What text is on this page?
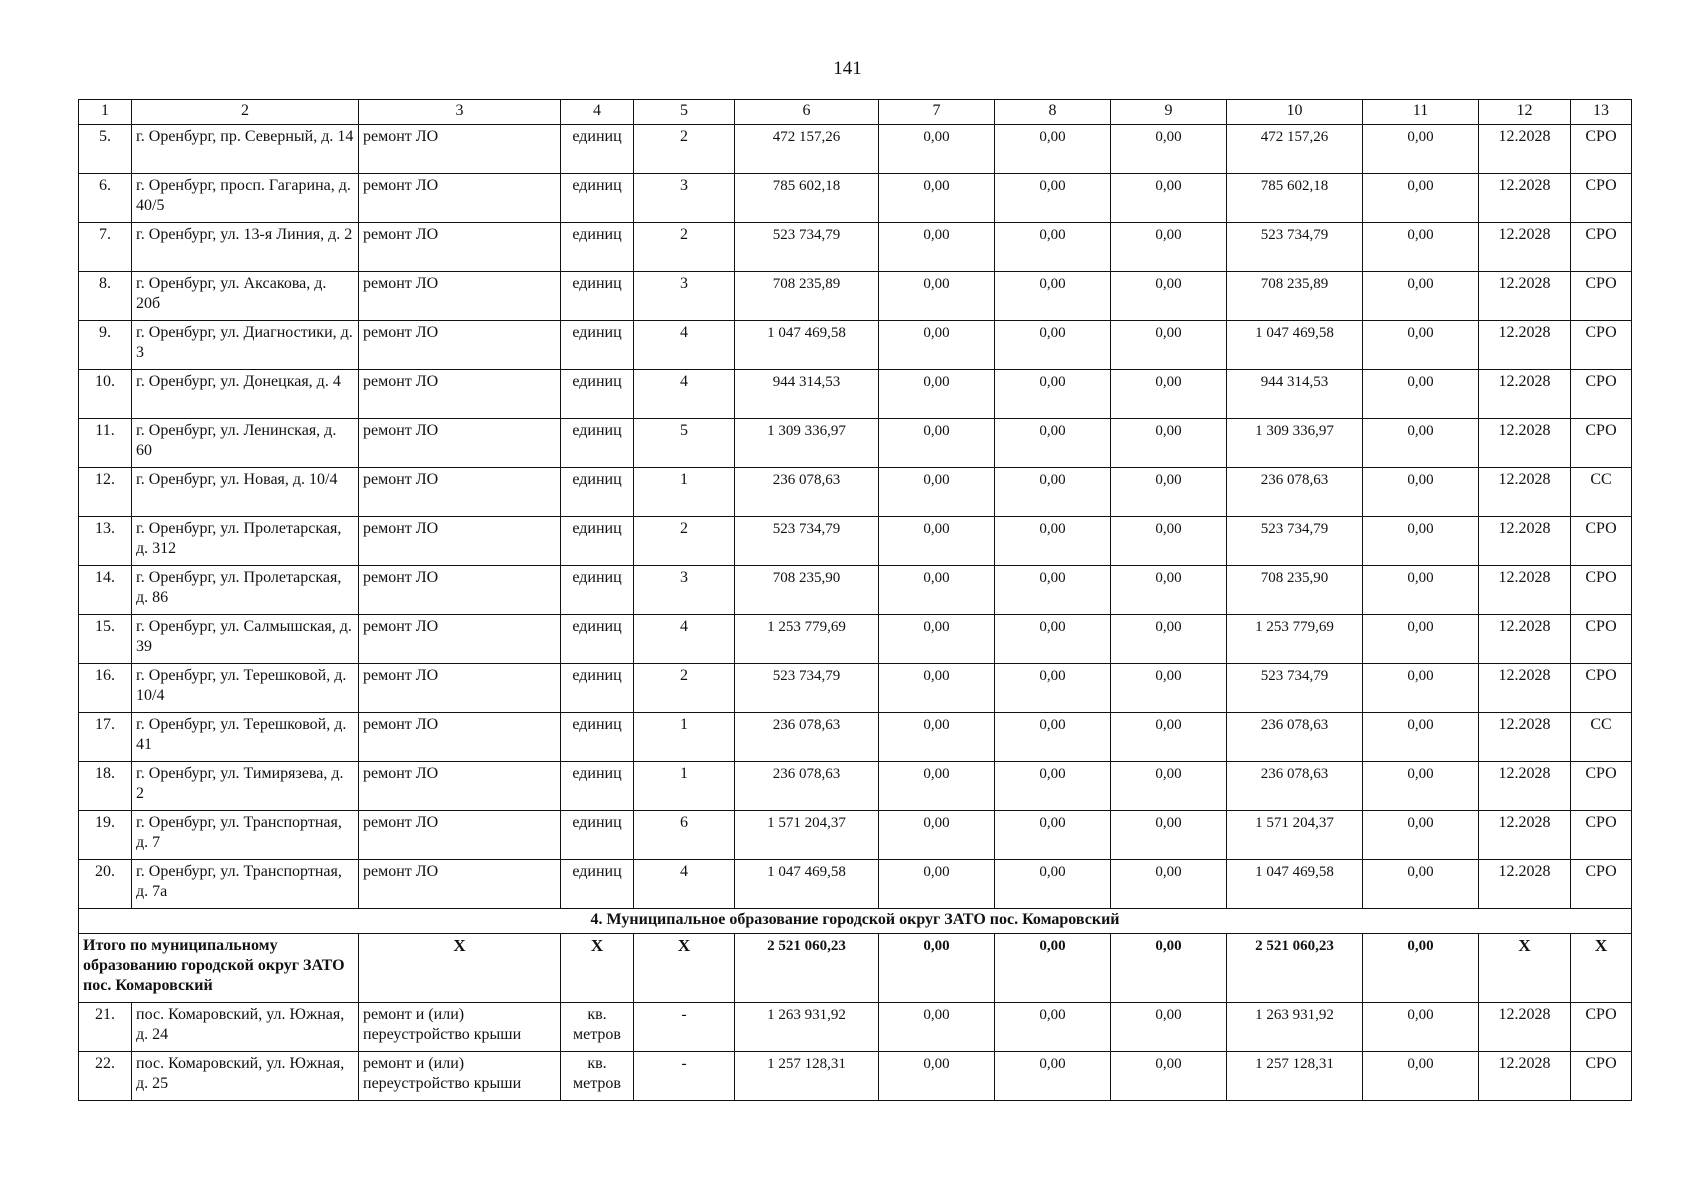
141
1	2	3	4	5	6	7	8	9	10	11	12	13
5.	г. Оренбург, пр. Северный, д. 14	ремонт ЛО	единиц	2	472 157,26	0,00	0,00	0,00	472 157,26	0,00	12.2028	СРО
6.	г. Оренбург, просп. Гагарина, д. 40/5	ремонт ЛО	единиц	3	785 602,18	0,00	0,00	0,00	785 602,18	0,00	12.2028	СРО
7.	г. Оренбург, ул. 13-я Линия, д. 2	ремонт ЛО	единиц	2	523 734,79	0,00	0,00	0,00	523 734,79	0,00	12.2028	СРО
8.	г. Оренбург, ул. Аксакова, д. 20б	ремонт ЛО	единиц	3	708 235,89	0,00	0,00	0,00	708 235,89	0,00	12.2028	СРО
9.	г. Оренбург, ул. Диагностики, д. 3	ремонт ЛО	единиц	4	1 047 469,58	0,00	0,00	0,00	1 047 469,58	0,00	12.2028	СРО
10.	г. Оренбург, ул. Донецкая, д. 4	ремонт ЛО	единиц	4	944 314,53	0,00	0,00	0,00	944 314,53	0,00	12.2028	СРО
11.	г. Оренбург, ул. Ленинская, д. 60	ремонт ЛО	единиц	5	1 309 336,97	0,00	0,00	0,00	1 309 336,97	0,00	12.2028	СРО
12.	г. Оренбург, ул. Новая, д. 10/4	ремонт ЛО	единиц	1	236 078,63	0,00	0,00	0,00	236 078,63	0,00	12.2028	СС
13.	г. Оренбург, ул. Пролетарская, д. 312	ремонт ЛО	единиц	2	523 734,79	0,00	0,00	0,00	523 734,79	0,00	12.2028	СРО
14.	г. Оренбург, ул. Пролетарская, д. 86	ремонт ЛО	единиц	3	708 235,90	0,00	0,00	0,00	708 235,90	0,00	12.2028	СРО
15.	г. Оренбург, ул. Салмышская, д. 39	ремонт ЛО	единиц	4	1 253 779,69	0,00	0,00	0,00	1 253 779,69	0,00	12.2028	СРО
16.	г. Оренбург, ул. Терешковой, д. 10/4	ремонт ЛО	единиц	2	523 734,79	0,00	0,00	0,00	523 734,79	0,00	12.2028	СРО
17.	г. Оренбург, ул. Терешковой, д. 41	ремонт ЛО	единиц	1	236 078,63	0,00	0,00	0,00	236 078,63	0,00	12.2028	СС
18.	г. Оренбург, ул. Тимирязева, д. 2	ремонт ЛО	единиц	1	236 078,63	0,00	0,00	0,00	236 078,63	0,00	12.2028	СРО
19.	г. Оренбург, ул. Транспортная, д. 7	ремонт ЛО	единиц	6	1 571 204,37	0,00	0,00	0,00	1 571 204,37	0,00	12.2028	СРО
20.	г. Оренбург, ул. Транспортная, д. 7а	ремонт ЛО	единиц	4	1 047 469,58	0,00	0,00	0,00	1 047 469,58	0,00	12.2028	СРО
4. Муниципальное образование городской округ ЗАТО пос. Комаровский												
Итого по муниципальному образованию городской округ ЗАТО пос. Комаровский		Х	Х	Х	2 521 060,23	0,00	0,00	0,00	2 521 060,23	0,00	Х	Х
21.	пос. Комаровский, ул. Южная, д. 24	ремонт и (или) переустройство крыши	кв. метров	-	1 263 931,92	0,00	0,00	0,00	1 263 931,92	0,00	12.2028	СРО
22.	пос. Комаровский, ул. Южная, д. 25	ремонт и (или) переустройство крыши	кв. метров	-	1 257 128,31	0,00	0,00	0,00	1 257 128,31	0,00	12.2028	СРО
